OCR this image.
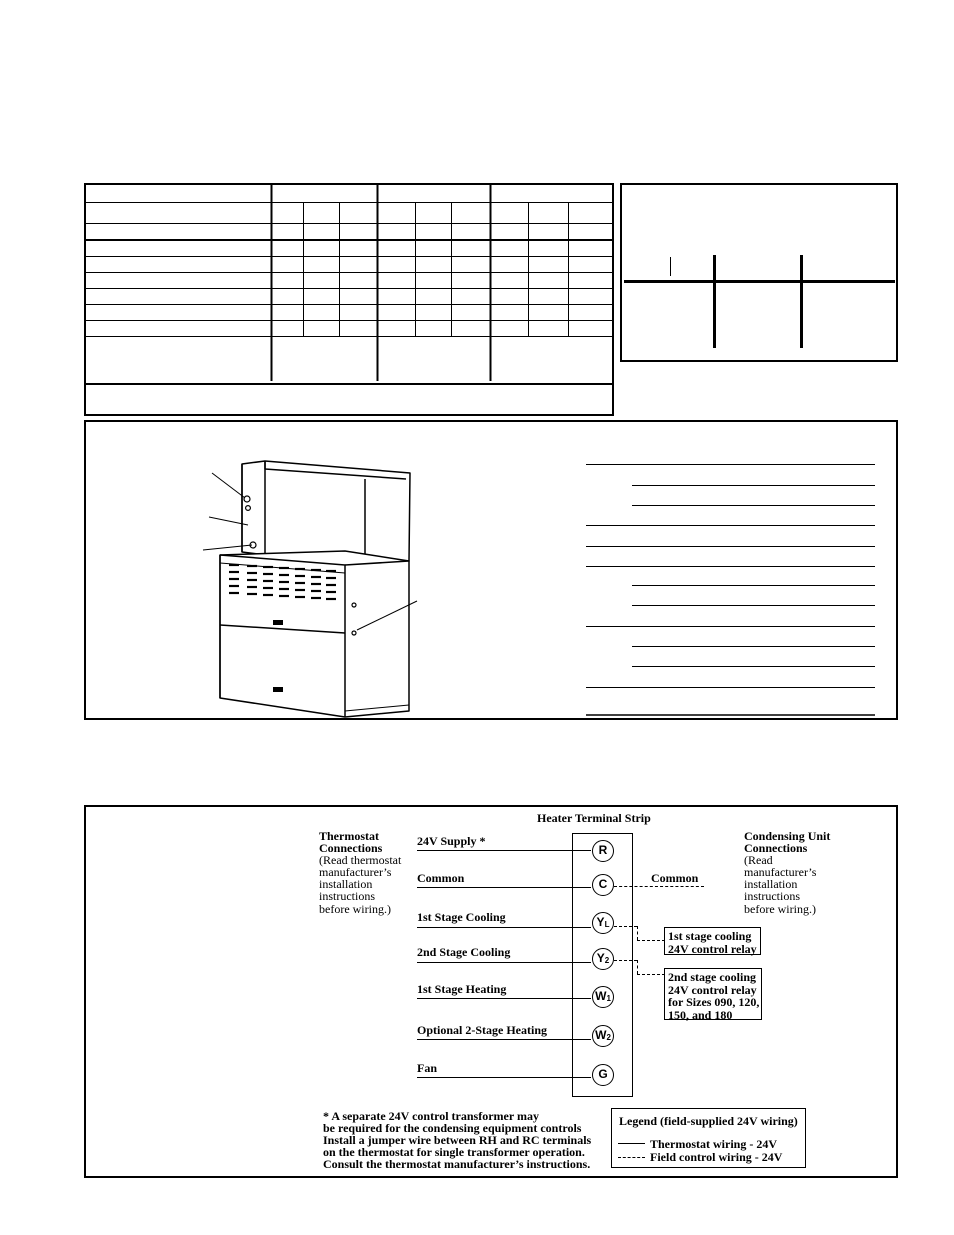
Heater Terminal Strip
Thermostat
Connections
(Read thermostat
manufacturer’s
installation
instructions
before wiring.)
Condensing Unit
Connections
(Read
manufacturer’s
installation
instructions
before wiring.)
24V Supply *
R
Common	C	Common
1st Stage Cooling	$Y_L$
2nd Stage Cooling	$Y_2$
1st Stage Heating	$W_1$
Optional 2-Stage Heating	$W_2$
Fan	G
1st stage cooling
24V control relay
2nd stage cooling
24V control relay
for Sizes 090, 120,
150, and 180
* A separate 24V control transformer may
be required for the condensing equipment controls
Install a jumper wire between RH and RC terminals
on the thermostat for single transformer operation.
Consult the thermostat manufacturer’s instructions.
Legend (field-supplied 24V wiring)
Thermostat wiring - 24V
Field control wiring - 24V
